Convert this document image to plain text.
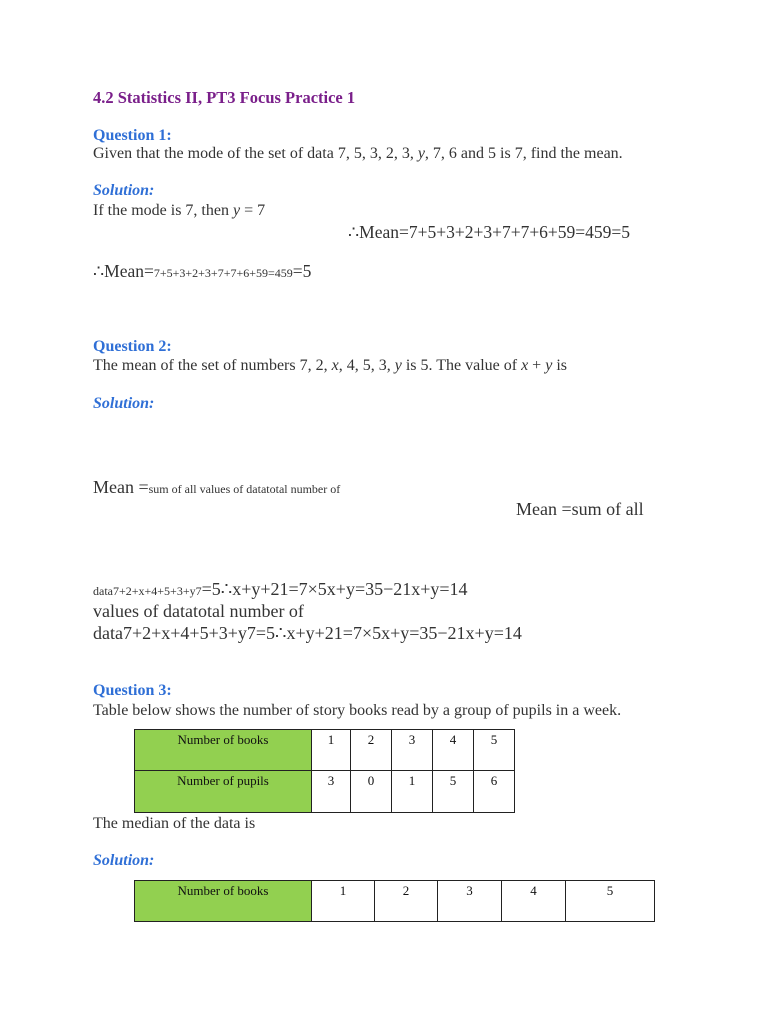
4.2 Statistics II, PT3 Focus Practice 1
Question 1:
Given that the mode of the set of data 7, 5, 3, 2, 3, y, 7, 6 and 5 is 7, find the mean.
Solution:
If the mode is 7, then y = 7
∴Mean=7+5+3+2+3+7+7+6+59=459=5
∴Mean=7+5+3+2+3+7+7+6+59=459=5
Question 2:
The mean of the set of numbers 7, 2, x, 4, 5, 3, y is 5. The value of x + y is
Solution:
Mean =sum of all values of datatotal number of
Mean =sum of all
data7+2+x+4+5+3+y7=5∴x+y+21=7×5x+y=35−21x+y=14
values of datatotal number of
data7+2+x+4+5+3+y7=5∴x+y+21=7×5x+y=35−21x+y=14
Question 3:
Table below shows the number of story books read by a group of pupils in a week.
Number of books	1	2	3	4	5
Number of pupils	3	0	1	5	6
The median of the data is
Solution:
Number of books	1	2	3	4	5
